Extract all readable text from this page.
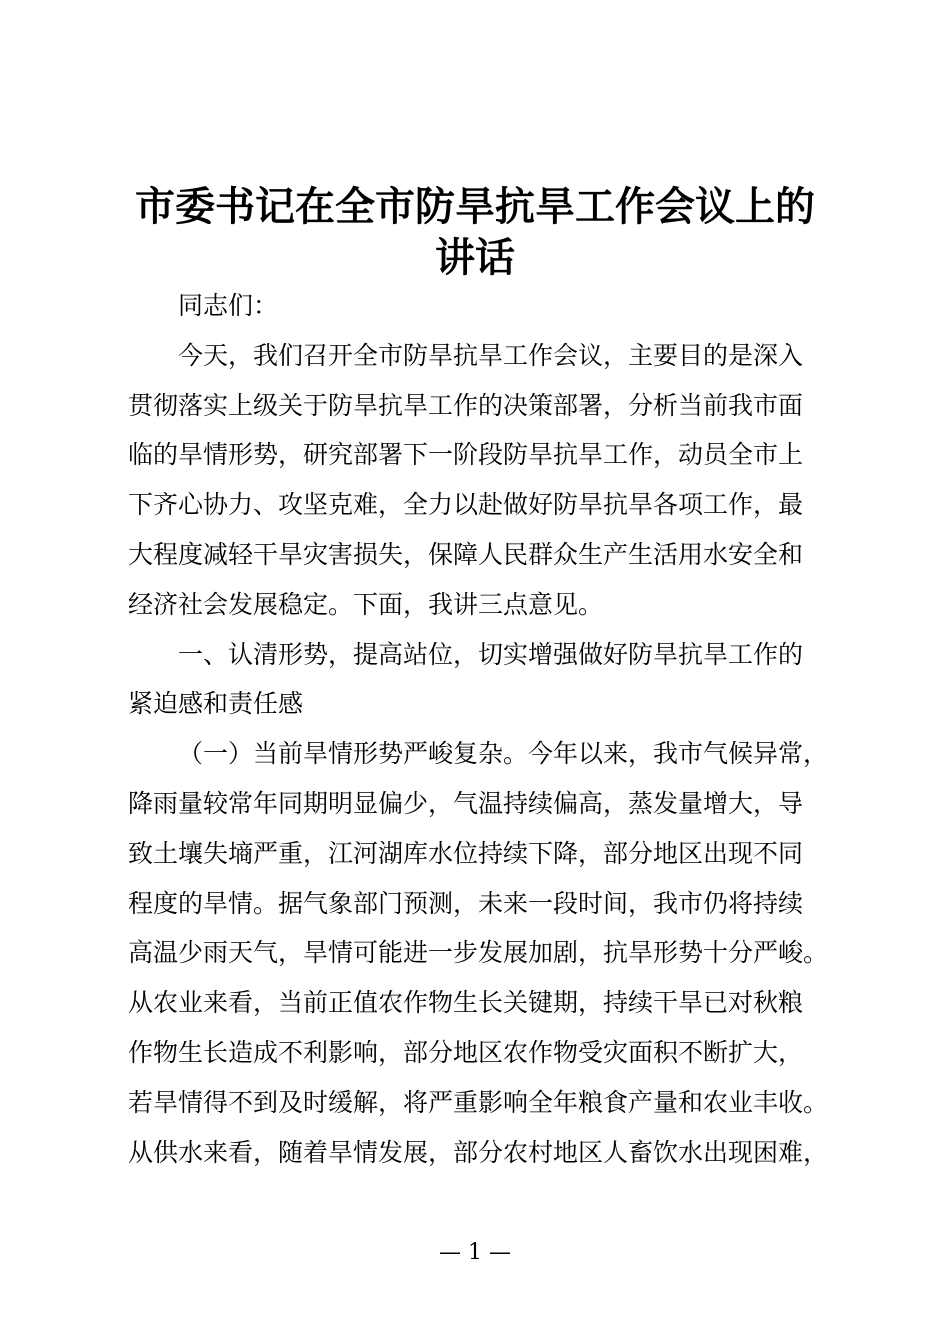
市委书记在全市防旱抗旱工作会议上的
讲话
同志们：
今天，我们召开全市防旱抗旱工作会议，主要目的是深入
贯彻落实上级关于防旱抗旱工作的决策部署，分析当前我市面
临的旱情形势，研究部署下一阶段防旱抗旱工作，动员全市上
下齐心协力、攻坚克难，全力以赴做好防旱抗旱各项工作，最
大程度减轻干旱灾害损失，保障人民群众生产生活用水安全和
经济社会发展稳定。下面，我讲三点意见。
一、认清形势，提高站位，切实增强做好防旱抗旱工作的
紧迫感和责任感
（一）当前旱情形势严峻复杂。今年以来，我市气候异常，
降雨量较常年同期明显偏少，气温持续偏高，蒸发量增大，导
致土壤失墒严重，江河湖库水位持续下降，部分地区出现不同
程度的旱情。据气象部门预测，未来一段时间，我市仍将持续
高温少雨天气，旱情可能进一步发展加剧，抗旱形势十分严峻。
从农业来看，当前正值农作物生长关键期，持续干旱已对秋粮
作物生长造成不利影响，部分地区农作物受灾面积不断扩大，
若旱情得不到及时缓解，将严重影响全年粮食产量和农业丰收。
从供水来看，随着旱情发展，部分农村地区人畜饮水出现困难，
— 1 —
